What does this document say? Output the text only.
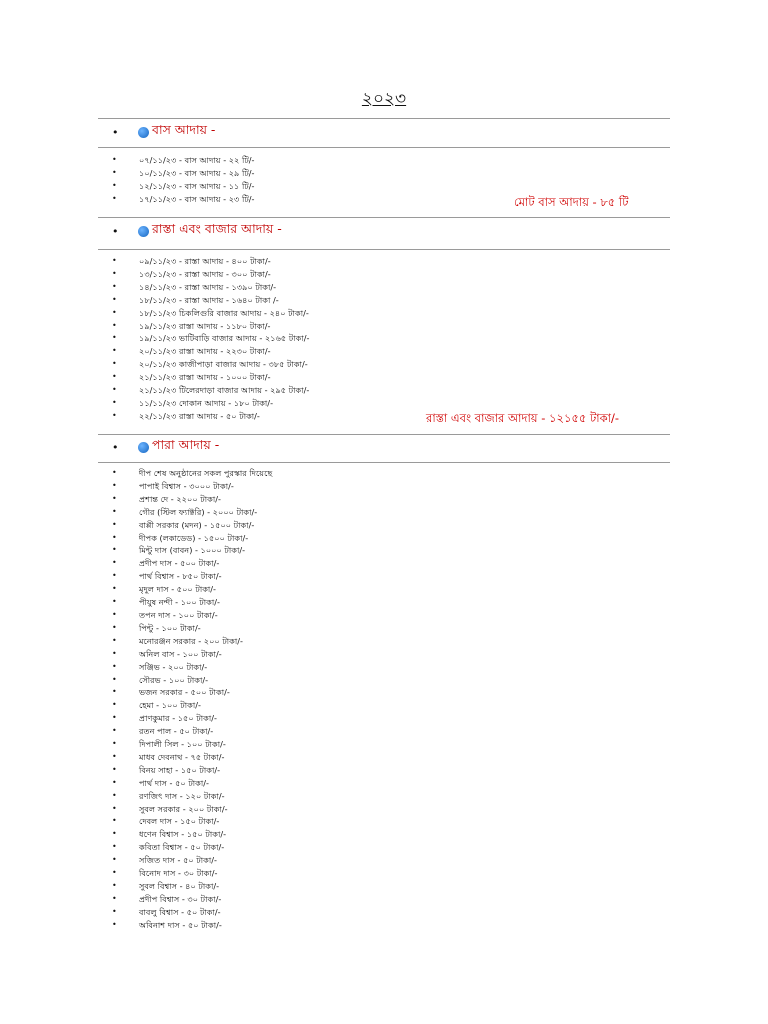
২০২৩
•	বাস আদায় -
•	০৭/১১/২৩ - বাস আদায় - ২২ টি/-
•	১০/১১/২৩ - বাস আদায় - ২৯ টি/-
•	১২/১১/২৩ - বাস আদায় - ১১ টি/-
•	১৭/১১/২৩ - বাস আদায় - ২৩ টি/-	মোট বাস আদায় - ৮৫ টি
•	রাস্তা এবং বাজার আদায় -
•	০৯/১১/২৩ - রাস্তা আদায় - ৪০০ টাকা/-
•	১৩/১১/২৩ - রাস্তা আদায় - ৩০০ টাকা/-
•	১৪/১১/২৩ - রাস্তা আদায় - ১৩৯০ টাকা/-
•	১৮/১১/২৩ - রাস্তা আদায় - ১৬৪০ টাকা /-
•	১৮/১১/২৩ চিকলিগুরি বাজার আদায় - ২৪০ টাকা/-
•	১৯/১১/২৩ রাস্তা আদায় - ১১৮০ টাকা/-
•	১৯/১১/২৩ ভাটিবাড়ি বাজার আদায় - ২১৬৫ টাকা/-
•	২০/১১/২৩ রাস্তা আদায় - ২২৩০ টাকা/-
•	২০/১১/২৩ কাজীপাড়া বাজার আদায় - ৩৮৫ টাকা/-
•	২১/১১/২৩ রাস্তা আদায় - ১০০০ টাকা/-
•	২১/১১/২৩ টিলেরদাড়া বাজার আদায় - ২৯৫ টাকা/-
•	১১/১১/২৩ দোকান আদায় - ১৮০ টাকা/-
•	২২/১১/২৩ রাস্তা আদায় - ৫০ টাকা/-	রাস্তা এবং বাজার আদায় - ১২১৫৫ টাকা/-
•	পারা আদায় -
•	দীপ শেষ অনুষ্ঠানের সকল পুরস্কার দিয়েছে
•	পাপাই বিশ্বাস - ৩০০০ টাকা/-
•	প্রশান্ত দে - ২২০০ টাকা/-
•	গৌর (স্টিল ফ্যাক্টরি) - ২০০০ টাকা/-
•	বাপ্পী সরকার (মদন) - ১৫০০ টাকা/-
•	দীপক (লকাডেড) - ১৫০০ টাকা/-
•	মিন্টু দাস (বাবন) - ১০০০ টাকা/-
•	প্রদীপ দাস - ৫০০ টাকা/-
•	পার্থ বিশ্বাস - ৮৫০ টাকা/-
•	মৃদুল দাস - ৫০০ টাকা/-
•	পীযুষ নন্দী - ১০০ টাকা/-
•	তপন দাস - ১০০ টাকা/-
•	পিন্টু - ১০০ টাকা/-
•	মনোরঞ্জন সরকার - ২০০ টাকা/-
•	অনিল বাস - ১০০ টাকা/-
•	সঞ্জিভ - ২০০ টাকা/-
•	সৌরভ - ১০০ টাকা/-
•	ভজন সরকার - ৫০০ টাকা/-
•	হেমা - ১০০ টাকা/-
•	প্রাণকুমার - ১৫০ টাকা/-
•	রতন পাল - ৫০ টাকা/-
•	দিপালী সিল - ১০০ টাকা/-
•	মাধব দেবনাথ - ৭৫ টাকা/-
•	বিনয় সাহা - ১৫০ টাকা/-
•	পার্থ দাস - ৫০ টাকা/-
•	রণজিৎ দাস - ১২০ টাকা/-
•	সুবল সরকার - ২০০ টাকা/-
•	দেবল দাস - ১৫০ টাকা/-
•	ধণেন বিশ্বাস - ১৫০ টাকা/-
•	কবিতা বিশ্বাস - ৫০ টাকা/-
•	সজিত দাস - ৫০ টাকা/-
•	বিনোদ দাস - ৩০ টাকা/-
•	সুবল বিশ্বাস - ৪০ টাকা/-
•	প্রদীপ বিশ্বাস - ৩০ টাকা/-
•	বাবলু বিশ্বাস - ৫০ টাকা/-
•	অবিনাশ দাস - ৫০ টাকা/-
